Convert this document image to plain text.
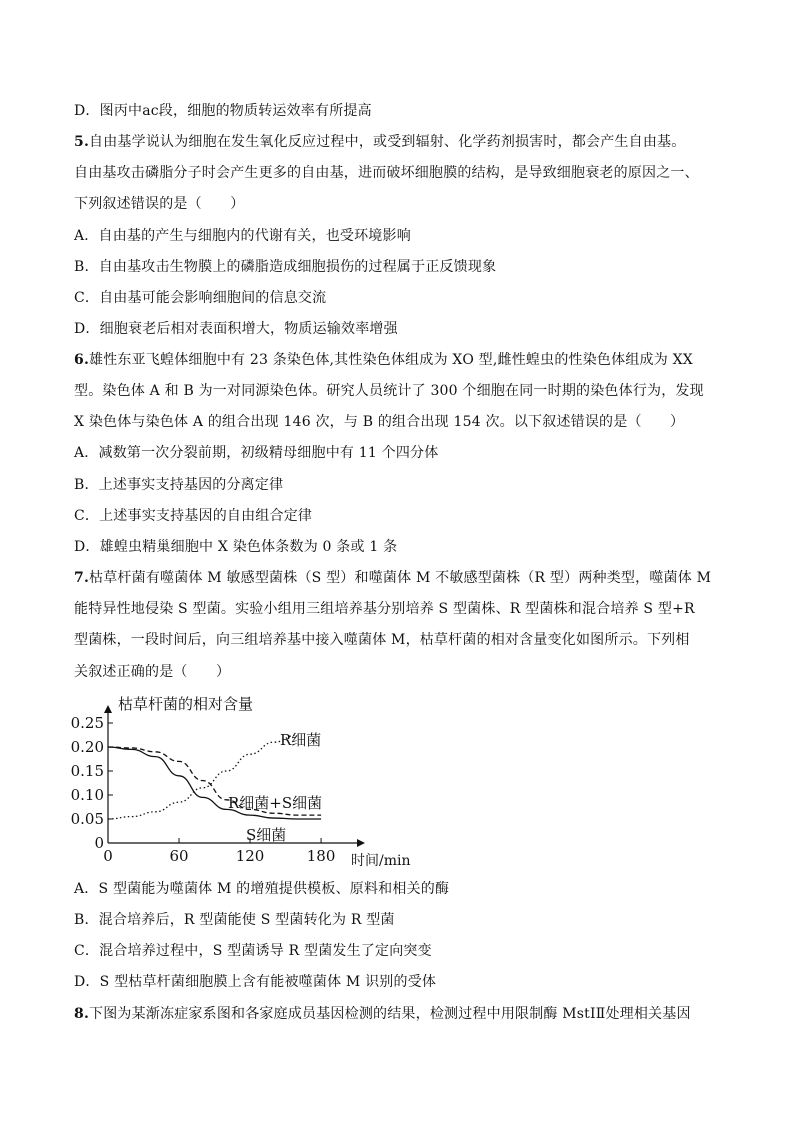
D．图丙中ac段，细胞的物质转运效率有所提高
5.自由基学说认为细胞在发生氧化反应过程中，或受到辐射、化学药剂损害时，都会产生自由基。
自由基攻击磷脂分子时会产生更多的自由基，进而破坏细胞膜的结构，是导致细胞衰老的原因之一、
下列叙述错误的是（　　）
A．自由基的产生与细胞内的代谢有关，也受环境影响
B．自由基攻击生物膜上的磷脂造成细胞损伤的过程属于正反馈现象
C．自由基可能会影响细胞间的信息交流
D．细胞衰老后相对表面积增大，物质运输效率增强
6.雄性东亚飞蝗体细胞中有 23 条染色体,其性染色体组成为 XO 型,雌性蝗虫的性染色体组成为 XX
型。染色体 A 和 B 为一对同源染色体。研究人员统计了 300 个细胞在同一时期的染色体行为，发现
X 染色体与染色体 A 的组合出现 146 次，与 B 的组合出现 154 次。以下叙述错误的是（　　）
A．减数第一次分裂前期，初级精母细胞中有 11 个四分体
B．上述事实支持基因的分离定律
C．上述事实支持基因的自由组合定律
D．雄蝗虫精巢细胞中 X 染色体条数为 0 条或 1 条
7.枯草杆菌有噬菌体 M 敏感型菌株（S 型）和噬菌体 M 不敏感型菌株（R 型）两种类型，噬菌体 M
能特异性地侵染 S 型菌。实验小组用三组培养基分别培养 S 型菌株、R 型菌株和混合培养 S 型+R
型菌株，一段时间后，向三组培养基中接入噬菌体 M，枯草杆菌的相对含量变化如图所示。下列相
关叙述正确的是（　　）
0
0.05
0.10
0.15
0.20
0.25
0	60	120	180
枯草杆菌的相对含量
时间/min
R细菌
R细菌+S细菌
S细菌
A．S 型菌能为噬菌体 M 的增殖提供模板、原料和相关的酶
B．混合培养后，R 型菌能使 S 型菌转化为 R 型菌
C．混合培养过程中，S 型菌诱导 R 型菌发生了定向突变
D．S 型枯草杆菌细胞膜上含有能被噬菌体 M 识别的受体
8.下图为某渐冻症家系图和各家庭成员基因检测的结果，检测过程中用限制酶 MstⅠⅡ处理相关基因
